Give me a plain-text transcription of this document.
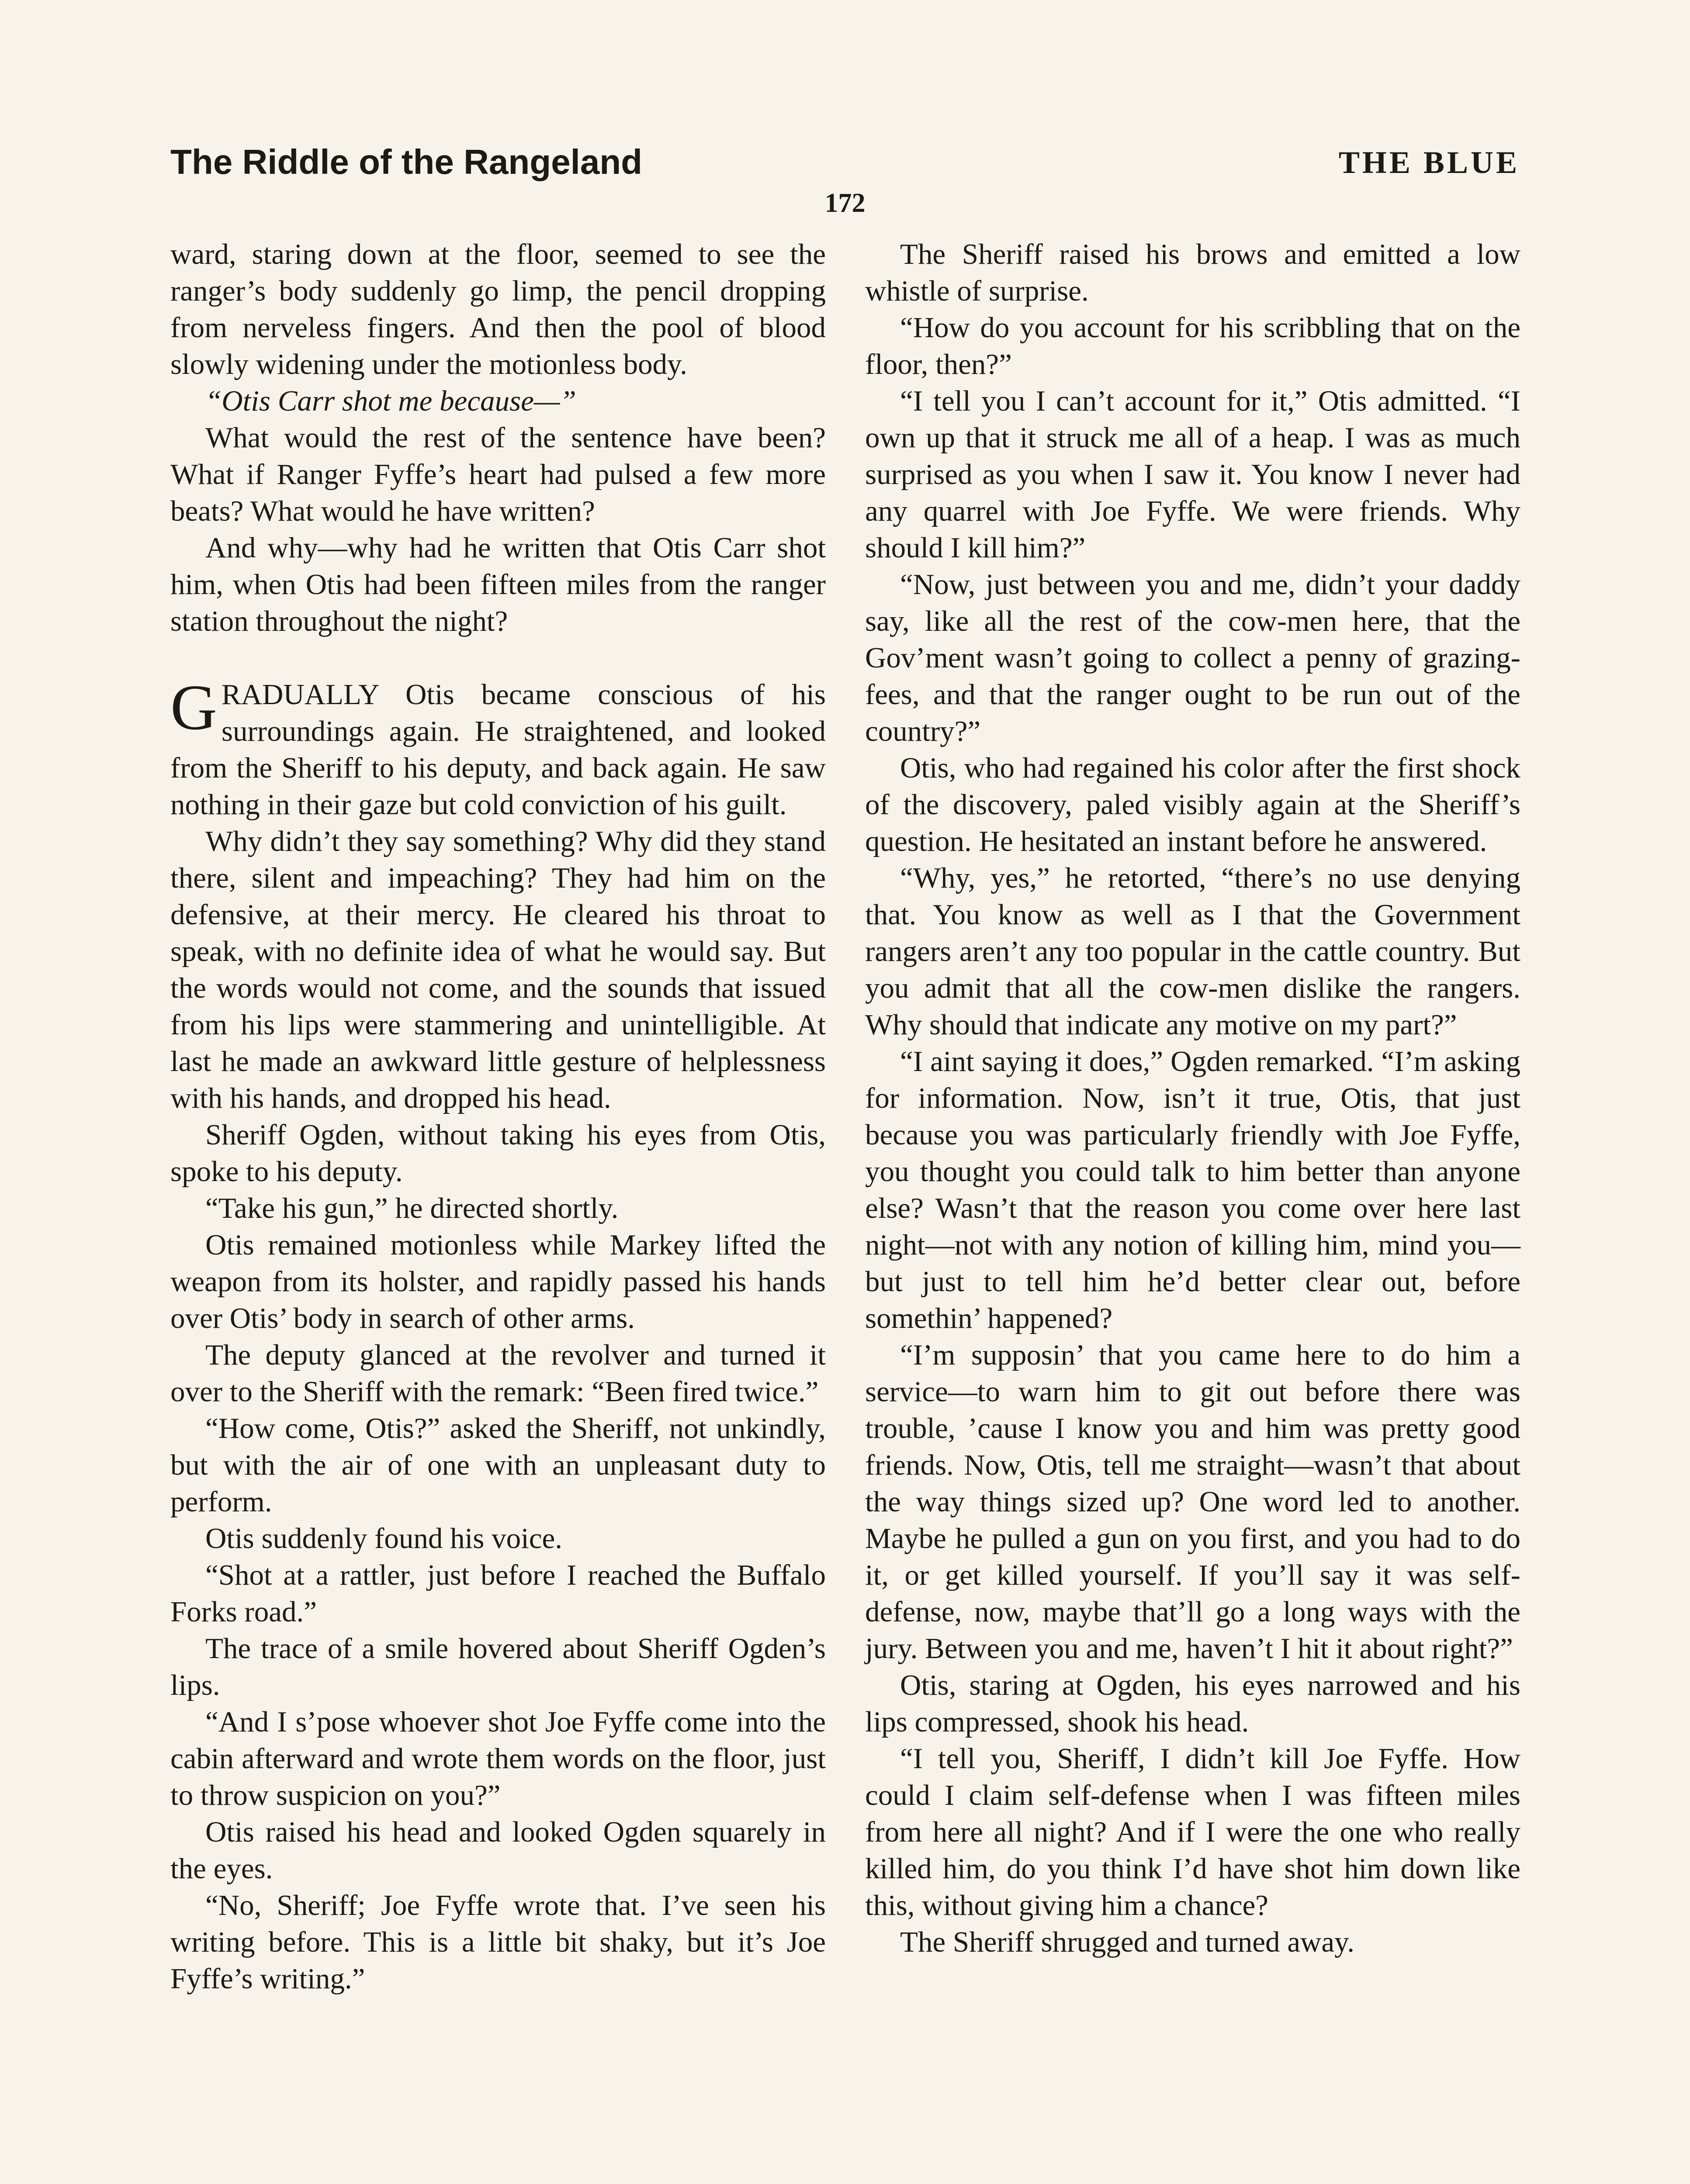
The Riddle of the Rangeland	THE BLUE
172

ward, staring down at the floor, seemed to see the ranger’s body suddenly go limp, the pencil dropping from nerveless fingers. And then the pool of blood slowly widening under the motionless body.

“Otis Carr shot me because—”

What would the rest of the sentence have been? What if Ranger Fyffe’s heart had pulsed a few more beats? What would he have written?

And why—why had he written that Otis Carr shot him, when Otis had been fifteen miles from the ranger station throughout the night?

GRADUALLY Otis became conscious of his surroundings again. He straightened, and looked from the Sheriff to his deputy, and back again. He saw nothing in their gaze but cold conviction of his guilt.

Why didn’t they say something? Why did they stand there, silent and impeaching? They had him on the defensive, at their mercy. He cleared his throat to speak, with no definite idea of what he would say. But the words would not come, and the sounds that issued from his lips were stammering and unintelligible. At last he made an awkward little gesture of helplessness with his hands, and dropped his head.

Sheriff Ogden, without taking his eyes from Otis, spoke to his deputy.

“Take his gun,” he directed shortly.

Otis remained motionless while Markey lifted the weapon from its holster, and rapidly passed his hands over Otis’ body in search of other arms.

The deputy glanced at the revolver and turned it over to the Sheriff with the remark: “Been fired twice.”

“How come, Otis?” asked the Sheriff, not unkindly, but with the air of one with an unpleasant duty to perform.

Otis suddenly found his voice.

“Shot at a rattler, just before I reached the Buffalo Forks road.”

The trace of a smile hovered about Sheriff Ogden’s lips.

“And I s’pose whoever shot Joe Fyffe come into the cabin afterward and wrote them words on the floor, just to throw suspicion on you?”

Otis raised his head and looked Ogden squarely in the eyes.

“No, Sheriff; Joe Fyffe wrote that. I’ve seen his writing before. This is a little bit shaky, but it’s Joe Fyffe’s writing.”

The Sheriff raised his brows and emitted a low whistle of surprise.

“How do you account for his scribbling that on the floor, then?”

“I tell you I can’t account for it,” Otis admitted. “I own up that it struck me all of a heap. I was as much surprised as you when I saw it. You know I never had any quarrel with Joe Fyffe. We were friends. Why should I kill him?”

“Now, just between you and me, didn’t your daddy say, like all the rest of the cow-men here, that the Gov’ment wasn’t going to collect a penny of grazing-fees, and that the ranger ought to be run out of the country?”

Otis, who had regained his color after the first shock of the discovery, paled visibly again at the Sheriff’s question. He hesitated an instant before he answered.

“Why, yes,” he retorted, “there’s no use denying that. You know as well as I that the Government rangers aren’t any too popular in the cattle country. But you admit that all the cow-men dislike the rangers. Why should that indicate any motive on my part?”

“I aint saying it does,” Ogden remarked. “I’m asking for information. Now, isn’t it true, Otis, that just because you was particularly friendly with Joe Fyffe, you thought you could talk to him better than anyone else? Wasn’t that the reason you come over here last night—not with any notion of killing him, mind you—but just to tell him he’d better clear out, before somethin’ happened?

“I’m supposin’ that you came here to do him a service—to warn him to git out before there was trouble, ’cause I know you and him was pretty good friends. Now, Otis, tell me straight—wasn’t that about the way things sized up? One word led to another. Maybe he pulled a gun on you first, and you had to do it, or get killed yourself. If you’ll say it was self-defense, now, maybe that’ll go a long ways with the jury. Between you and me, haven’t I hit it about right?”

Otis, staring at Ogden, his eyes narrowed and his lips compressed, shook his head.

“I tell you, Sheriff, I didn’t kill Joe Fyffe. How could I claim self-defense when I was fifteen miles from here all night? And if I were the one who really killed him, do you think I’d have shot him down like this, without giving him a chance?

The Sheriff shrugged and turned away.
